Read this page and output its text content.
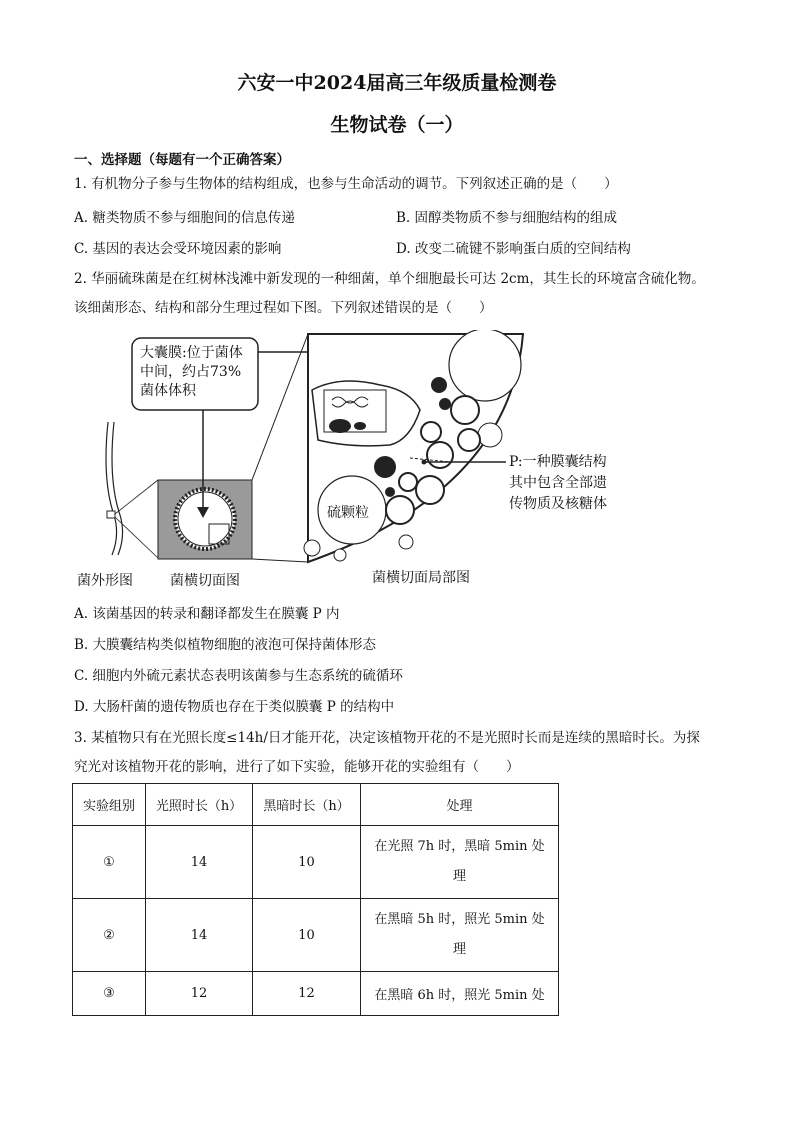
六安一中2024届高三年级质量检测卷
生物试卷（一）
一、选择题（每题有一个正确答案）
1. 有机物分子参与生物体的结构组成，也参与生命活动的调节。下列叙述正确的是（　　）
A. 糖类物质不参与细胞间的信息传递	B. 固醇类物质不参与细胞结构的组成
C. 基因的表达会受环境因素的影响	D. 改变二硫键不影响蛋白质的空间结构
2. 华丽硫珠菌是在红树林浅滩中新发现的一种细菌，单个细胞最长可达 2cm，其生长的环境富含硫化物。
该细菌形态、结构和部分生理过程如下图。下列叙述错误的是（　　）
大囊膜:位于菌体
中间，约占73%
菌体体积
P:一种膜囊结构
其中包含全部遗
传物质及核糖体
硫颗粒
菌外形图	菌横切面图	菌横切面局部图
A. 该菌基因的转录和翻译都发生在膜囊 P 内
B. 大膜囊结构类似植物细胞的液泡可保持菌体形态
C. 细胞内外硫元素状态表明该菌参与生态系统的硫循环
D. 大肠杆菌的遗传物质也存在于类似膜囊 P 的结构中
3. 某植物只有在光照长度≤14h/日才能开花，决定该植物开花的不是光照时长而是连续的黑暗时长。为探
究光对该植物开花的影响，进行了如下实验，能够开花的实验组有（　　）
实验组别	光照时长（h）	黑暗时长（h）	处理
①	14	10	在光照 7h 时，黑暗 5min 处
理

②	14	10	在黑暗 5h 时，照光 5min 处
理

③	12	12	在黑暗 6h 时，照光 5min 处
